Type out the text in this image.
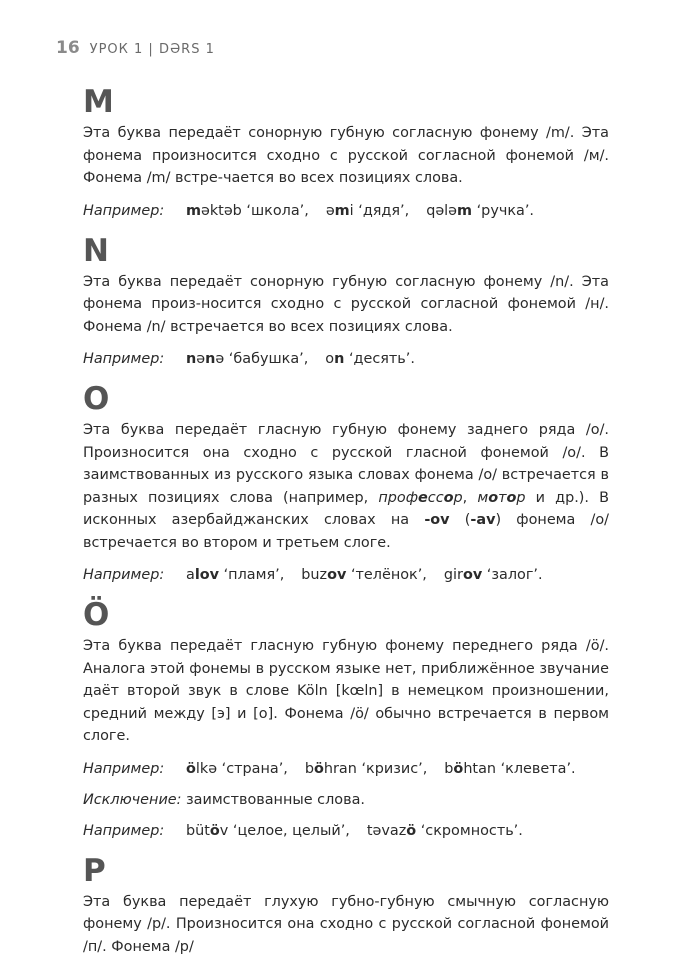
16 УРОК 1 | DƏRS 1
M

Эта буква передаёт сонорную губную согласную фонему /m/. Эта фонема произносится сходно с русской согласной фонемой /м/. Фонема /m/ встре-чается во всех позициях слова.

Например:	məktəb ‘школа’, əmi ‘дядя’, qələm ‘ручка’.
N

Эта буква передаёт сонорную губную согласную фонему /n/. Эта фонема произ-носится сходно с русской согласной фонемой /н/. Фонема /n/ встречается во всех позициях слова.

Например:	nənə ‘бабушка’, on ‘десять’.
O

Эта буква передаёт гласную губную фонему заднего ряда /o/. Произносится она сходно с русской гласной фонемой /о/. В заимствованных из русского языка словах фонема /o/ встречается в разных позициях слова (например, профессор, мотор и др.). В исконных азербайджанских словах на -ov (-av) фонема /o/ встречается во втором и третьем слоге.

Например:	alov ‘пламя’, buzov ‘телёнок’, girov ‘залог’.
Ö

Эта буква передаёт гласную губную фонему переднего ряда /ö/. Аналога этой фонемы в русском языке нет, приближённое звучание даёт второй звук в слове Köln [kœln] в немецком произношении, средний между [э] и [о]. Фонема /ö/ обычно встречается в первом слоге.

Например:	ölkə ‘страна’, böhran ‘кризис’, böhtan ‘клевета’.
Исключение: заимствованные слова.
Например:	bütöv ‘целое, целый’, təvazö ‘скромность’.
P

Эта буква передаёт глухую губно-губную смычную согласную фонему /p/. Произносится она сходно с русской согласной фонемой /п/. Фонема /p/
